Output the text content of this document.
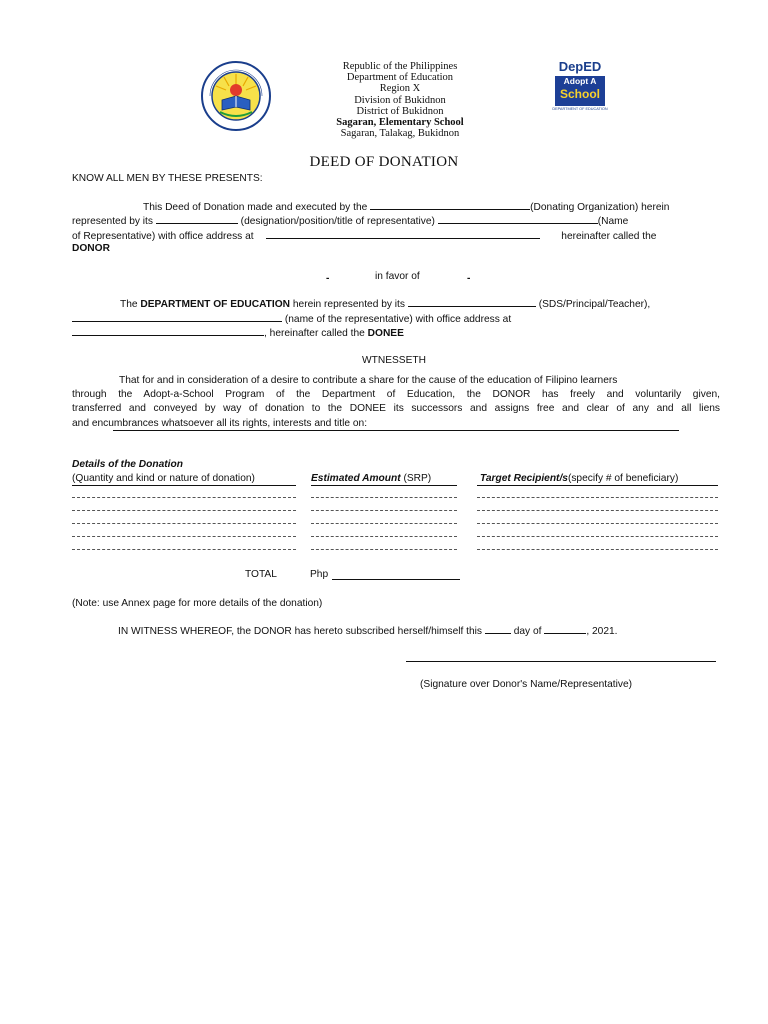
DepED
Adopt A
School
DEPARTMENT OF EDUCATION
Republic of the Philippines
Department of Education
Region X
Division of Bukidnon
District of Bukidnon
Sagaran, Elementary School
Sagaran, Talakag, Bukidnon
DEED OF DONATION
KNOW ALL MEN BY THESE PRESENTS:
This Deed of Donation made and executed by the	(Donating Organization) herein
represented by its	(designation/position/title of representative)	(Name
of Representative) with office address at	hereinafter called the
DONOR
-	in favor of	-
The DEPARTMENT OF EDUCATION herein represented by its	(SDS/Principal/Teacher),
(name of the representative) with office address at
, hereinafter called the DONEE
WTNESSETH
That for and in consideration of a desire to contribute a share for the cause of the education of Filipino learners
through the Adopt-a-School Program of the Department of Education, the DONOR has freely and voluntarily given,
transferred and conveyed by way of donation to the DONEE its successors and assigns free and clear of any and all liens
and encumbrances whatsoever all its rights, interests and title on:
Details of the Donation
(Quantity and kind or nature of donation)	Estimated Amount (SRP)	Target Recipient/s(specify # of beneficiary)
TOTAL	Php
(Note: use Annex page for more details of the donation)
IN WITNESS WHEREOF, the DONOR has hereto subscribed herself/himself this	day of	, 2021.
(Signature over Donor's Name/Representative)
